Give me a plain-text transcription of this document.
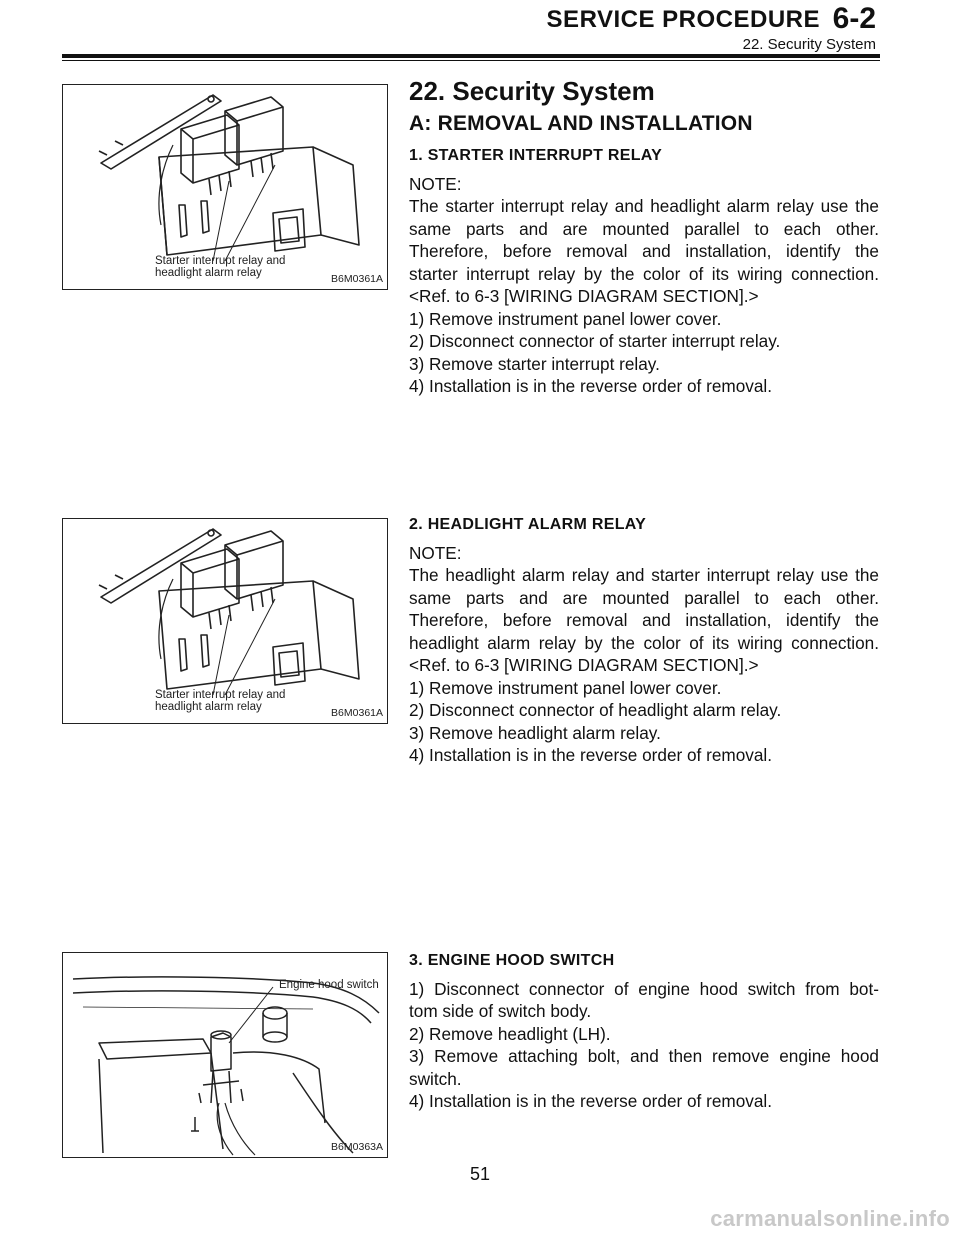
SERVICE PROCEDURE 6-2
22. Security System
Starter interrupt relay and
headlight alarm relay	B6M0361A
22. Security System
A: REMOVAL AND INSTALLATION
1. STARTER INTERRUPT RELAY

NOTE:

The starter interrupt relay and headlight alarm relay use the

same parts and are mounted parallel to each other.

Therefore, before removal and installation, identify the

starter interrupt relay by the color of its wiring connection.

<Ref. to 6-3 [WIRING DIAGRAM SECTION].>

1) Remove instrument panel lower cover.

2) Disconnect connector of starter interrupt relay.

3) Remove starter interrupt relay.

4) Installation is in the reverse order of removal.

Starter interrupt relay and
headlight alarm relay	B6M0361A
2. HEADLIGHT ALARM RELAY

NOTE:

The headlight alarm relay and starter interrupt relay use the

same parts and are mounted parallel to each other.

Therefore, before removal and installation, identify the

headlight alarm relay by the color of its wiring connection.

<Ref. to 6-3 [WIRING DIAGRAM SECTION].>

1) Remove instrument panel lower cover.

2) Disconnect connector of headlight alarm relay.

3) Remove headlight alarm relay.

4) Installation is in the reverse order of removal.

Engine hood switch
B6M0363A
3. ENGINE HOOD SWITCH

1) Disconnect connector of engine hood switch from bot-

tom side of switch body.

2) Remove headlight (LH).

3) Remove attaching bolt, and then remove engine hood

switch.

4) Installation is in the reverse order of removal.

51
carmanualsonline.info
